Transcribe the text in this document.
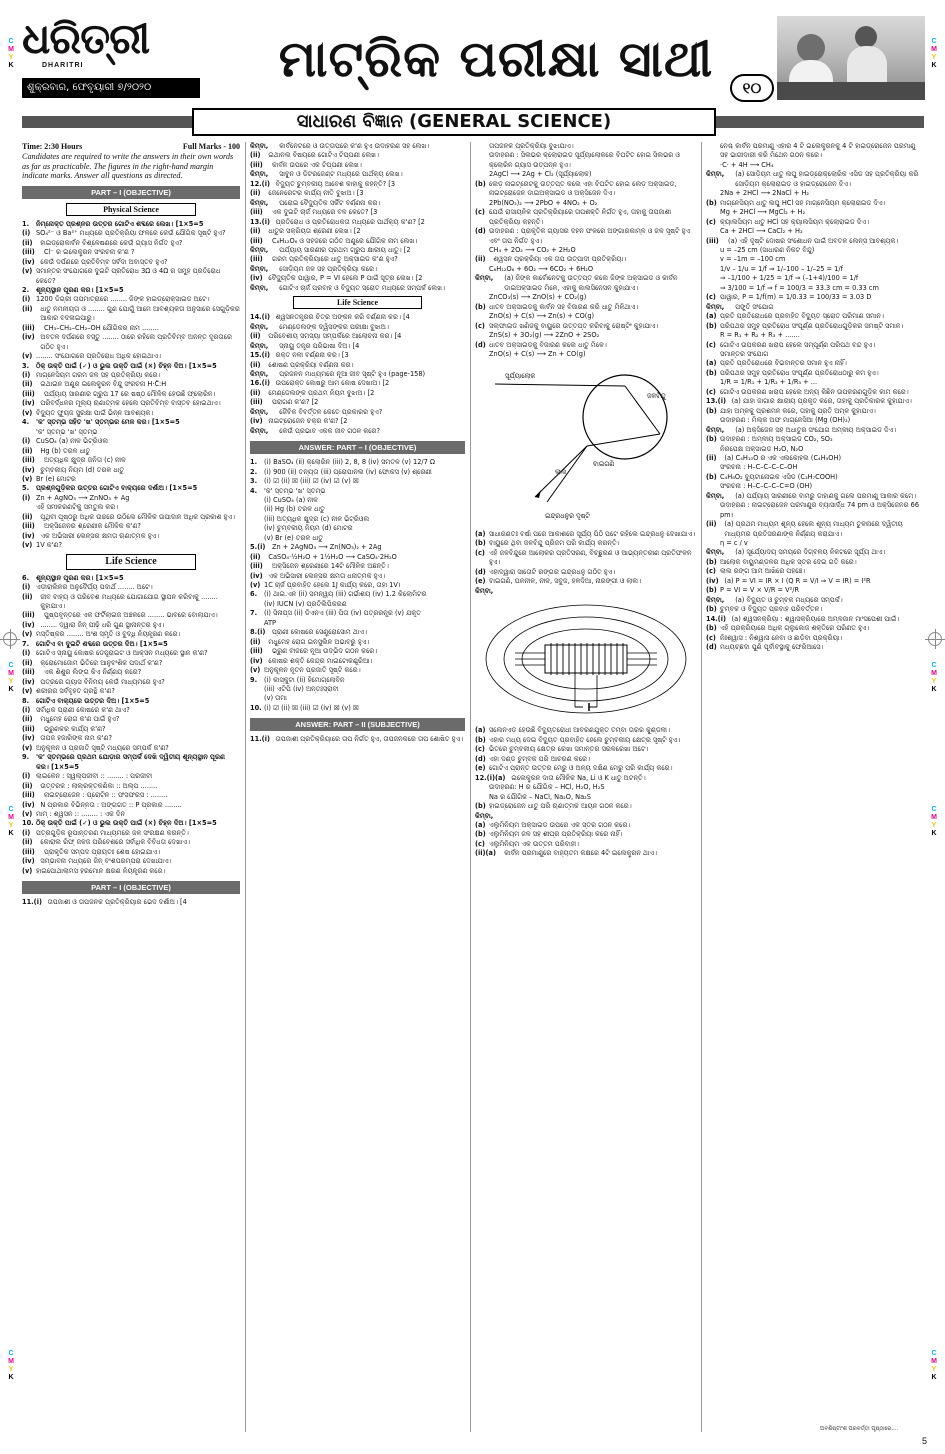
C
M
Y
K
C
M
Y
K
C
M
Y
K
C
M
Y
K
C
M
Y
K
C
M
Y
K
C
M
Y
K
C
M
Y
K
ଧରିତ୍ରୀ
DHARITRI
ଶୁକ୍ରବାର, ଫେବୃୟାରୀ ୭/୨୦୨୦	ମାଟ୍ରିକ ପରୀକ୍ଷା ସାଥୀ	୧୦
ସାଧାରଣ ବିଜ୍ଞାନ (GENERAL SCIENCE)
Time: 2:30 Hours	Full Marks - 100
Candidates are required to write the answers in their own words as far as practicable. The figures in the right-hand margin indicate marks. Answer all questions as directed.
PART – I (OBJECTIVE)
Physical Science
1. ନିମ୍ନୋକ୍ତ ପ୍ରଶ୍ନର ଉତ୍ତର ଗୋଟିଏ ଶବ୍ଦରେ ଲେଖ। [1×5=5
(i) SO₄²⁻ ଓ Ba²⁺ ମଧ୍ୟରେ ପ୍ରତିକ୍ରିୟା ଫଳରେ କେଉଁ ଯୌଗିକ ସୃଷ୍ଟି ହୁଏ?
(ii) ହାଇଡ୍ରୋକାର୍ବନ ବିଶ୍ଳେଷଣରେ କେଉଁ ଗ୍ୟାସ ନିର୍ଗତ ହୁଏ?
(iii) Cl⁻ ର ଇଲେକ୍ଟ୍ରନ ସଂରଚନା କ'ଣ ?
(iv) କେଉଁ ଦର୍ପଣରେ ପ୍ରତିବିମ୍ବ ସର୍ବଦା ଅବାସ୍ତବ ହୁଏ?
(v) ସମାନ୍ତର ସଂଯୋଗରେ ଦୁଇଟି ପ୍ରତିରୋଧ 3Ω ଓ 4Ω ର ସମୁହ ପ୍ରତିରୋଧ କେତେ?
2. ଶୂନ୍ୟସ୍ଥାନ ପୂରଣ କର। [1×5=5
(i) 1200 ଡିଗ୍ରୀ ତାପମାତ୍ରାରେ ........ ଜିଙ୍କ ହାଇଡ୍ରୋକ୍ସାଇଡ ଅଟେ।
(ii) ଧାତୁ ନମନୀୟତା ଓ ........ ଗୁଣ ଯୋଗୁଁ ଆମେ ଆବଶ୍ୟକତା ଅନୁସାରେ ସେଗୁଡ଼ିକର ଆକାର ବଦଳାଇପାରୁ।
(iii) CH₃–CH₂–CH₂–OH ଯୌଗିକର ନାମ ........
(iv) ଅବତଳ ଦର୍ପଣରେ ବସ୍ତୁ ........ ଠାରେ ରହିଲେ ପ୍ରତିବିମ୍ବ ଅନନ୍ତ ଦୂରତାରେ ଗଠିତ ହୁଏ।
(v) ........ ସଂଯୋଗରେ ପ୍ରତିରୋଧ ଅଧିକ ହୋଇଥାଏ।
3. ଠିକ୍ ଉକ୍ତି ପାଇଁ (✓) ଓ ଭୁଲ ଉକ୍ତି ପାଇଁ (×) ଚିହ୍ନ ଦିଅ। [1×5=5
(i) ମାଗ୍ନେସିୟମ ଗରମ ଜଳ ସହ ପ୍ରତିକ୍ରିୟା କରେ।
(ii) ଇଥାଇନ ଅଣୁର ଇଲେକ୍ଟ୍ରନ ବିନ୍ଦୁ ସଂରଚନା H·C̈:H
(iii) ପର୍ଯ୍ୟାୟ ସାରଣୀର ଗ୍ରୁପ 17 ରେ ଷଷ୍ଠ ମୌଳିକ ହେଉଛି ଫ୍ଲୋରିନ।
(iv) ପରିବର୍ଦ୍ଧନର ମୂଲ୍ୟ ଋଣାତ୍ମକ ହେଲେ ପ୍ରତିବିମ୍ବ ବାସ୍ତବ ହୋଇଥାଏ।
(v) ବିଦ୍ୟୁତ ଫ୍ୟୁଜ ସୁରକ୍ଷା ପାଇଁ ଭିନ୍ନ ଆବଶ୍ୟକ।
4. 'କ' ସ୍ତମ୍ଭ ସହିତ 'ଖ' ସ୍ତମ୍ଭର ମେଳ କର। [1×5=5
'କ' ସ୍ତମ୍ଭ 'ଖ' ସ୍ତମ୍ଭ
(i) CuSO₄ (a) ନୀଳ ଭିଟ୍ରିଓଲ
(ii) Hg (b) ତରଳ ଧାତୁ
(iii) ଅତ୍ୟଧିକ କ୍ଷୁଦ୍ର ଜନିତା (c) ନୀଳ
(iv) ଚୁମ୍ବକୀୟ ନିୟମ (d) ତରଳ ଧାତୁ
(v) Br (e) ମୋଟର
5. ପ୍ରଶ୍ନଗୁଡ଼ିକର ଉତ୍ତର ଗୋଟିଏ ବାକ୍ୟରେ ଦର୍ଶାଅ। [1×5=5
(i) Zn + AgNO₃ ⟶ ZnNO₃ + Ag
ଏହି ସମୀକରଣଟିକୁ ସମତୁଲ କର।
(ii) ପୃଥିବୀ ପୃଷ୍ଠରୁ ଅଧିକ ଉଚ୍ଚରେ ଉଠିଲେ ମୌଳିକ ଉପାଦାନ ଅଧିକ ପ୍ରକାଶ ହୁଏ।
(iii) ଅକ୍ସିଜେନର ଶ୍ରେଣୀକ ମୌଳିକ କ'ଣ?
(iv) ଏକ ଅଭିସାରୀ ଲେନ୍ସର କ୍ଷମତା ଋଣାତ୍ମକ ହୁଏ।
(v) 1V କ'ଣ?
Life Science
6. ଶୂନ୍ୟସ୍ଥାନ ପୂରଣ କର। [1×5=5
(i) ଏଡ଼ୀରାଲିନର ଅନୁଦୈର୍ଘ୍ୟ ପଦାର୍ଥ ........ ଅଟେ।
(ii) ଜୀବ ବାହ୍ୟ ଓ ପରିବେଶ ମଧ୍ୟରେ ଯୋଗାଯୋଗ ସ୍ଥାପନ କରିବାକୁ ........ କୁହାଯାଏ।
(iii) ପୁଷ୍ପବୃନ୍ତରେ ଏକ ଫର୍ଟିଲାଇଜ ଅଞ୍ଚଳରେ ........ ଭାବରେ ବୋଲାଯାଏ।
(iv) ........ ଦ୍ୱାରା ଜିନ୍ ପୀଢ଼ି ଧରି ଗୁଣ ସ୍ଥାନାନ୍ତର ହୁଏ।
(v) ମସ୍ତିଷ୍କର ........ ଅଂଶ ସ୍ମୃତି ଓ ବୁଦ୍ଧି ନିୟନ୍ତ୍ରଣ କରେ।
7. ଗୋଟିଏ ବା ଦୁଇଟି ଶବ୍ଦରେ ଉତ୍ତର ଦିଅ। [1×5=5
(i) ଗୋଟିଏ ସ୍ନାୟୁ କୋଷର ଡେନ୍ଡ୍ରାଇଟ ଓ ଆକ୍ସନ ମଧ୍ୟରେ ସ୍ଥାନ କ'ଣ?
(ii) କ୍ରୋମୋଜୋମ ଭିତିରେ ଆନୁବଂଶିକ ପଦାର୍ଥ କ'ଣ?
(iii) ଏକ ଶିଶୁର ଲିଙ୍ଗ କିଏ ନିର୍ଣ୍ଣୟ କରେ?
(iv) ପତ୍ରରେ ଗ୍ୟାସ ବିନିମୟ କେଉଁ ମାଧ୍ୟମରେ ହୁଏ?
(v) ଶରୀରର ସର୍ବବୃହତ ଗ୍ରନ୍ଥି କ'ଣ?
8. ଗୋଟିଏ ବାକ୍ୟରେ ଉତ୍ତର ଦିଅ। [1×5=5
(i) ସର୍ବାଧିକ ପ୍ରାଣୀ କୋଷରେ କ'ଣ ଥାଏ?
(ii) ମଧୁମେହ ରୋଗ କ'ଣ ପାଇଁ ହୁଏ?
(iii) ଭ୍ରୁଣକର କାର୍ଯ୍ୟ କ'ଣ?
(iv) ତାପଜ ହଜାରିଙ୍କ ନାମ କ'ଣ?
(v) ଅନୁକୂଳନ ଓ ପ୍ରଜାତି ସୃଷ୍ଟି ମଧ୍ୟରେ ସମ୍ପର୍କ କ'ଣ?
9. 'କ' ସ୍ତମ୍ଭରେ ପ୍ରଥମ ଯୋଡ଼ାର ସମ୍ପର୍କ ଦେଖି ଦ୍ୱିତୀୟ ଶୂନ୍ୟସ୍ଥାନ ପୂରଣ କର। [1×5=5
(i) ଲାଇକେନ : ସ୍ୱଲ୍ପଜୀବୀ :: ........ : ପରଜୀବୀ
(ii) ଉତ୍ତରକ : ଲାଲ୍‌ରକ୍ତକଣିକା :: ଅଲ୍ପ ........
(iii) ନାଇଟ୍ରୋଜେନ : ପ୍ରୋଟିନ :: ଫସଫରସ : ........
(iv) N ପ୍ରକାର ବିଭିନ୍ନତା : ଅଙ୍ଗଗତ :: P ପ୍ରକାର ........
(v) ମାମ୍‌ : ଶ୍ୱସନ :: ........ : ଏକ ଦିନ
10. ଠିକ୍ ଉକ୍ତି ପାଇଁ (✓) ଓ ଭୁଲ ଉକ୍ତି ପାଇଁ (×) ଚିହ୍ନ ଦିଅ। [1×5=5
(i) ପତ୍ରଗୁଡ଼ିକ ରୂପାନ୍ତରଣ ମାଧ୍ୟମରେ ଜଳ ସଂରକ୍ଷଣ କରନ୍ତି।
(ii) କୋରାଲ ରିଫ୍ ଜଳଜ ପରିବେଶରେ ସର୍ବାଧିକ ବିବିଧତା ଦେଖାଏ।
(iii) ପ୍ରାକୃତିକ ସମ୍ପଦ ପ୍ରାୟତଃ ଶେଷ ହୋଇଯାଏ।
(iv) ସମ୍ଭାବନା ମଧ୍ୟରେ ଜିନ୍ ବଂଶପରମ୍ପରା ଦେଖାଯାଏ।
(v) ହାଇପୋଥାଲାମସ ହରମୋନ କ୍ଷରଣ ନିୟନ୍ତ୍ରଣ କରେ।
PART – I (OBJECTIVE)
11.(i) ତାପଜାଶୀ ଓ ତାପଜନକ ପ୍ରତିକ୍ରିୟାର ଭେଦ ଦର୍ଶାଅ। [4
କିମ୍ବା, କାର୍ବନେଟରେ ଓ ଉତ୍ତାପରେ କ'ଣ ହୁଏ ଉଦାହରଣ ସହ ଲେଖ।
(ii) ଇଥାନଲ ବିଷୟରେ ଗୋଟିଏ ଟିପ୍ପଣୀ ଲେଖ।
(iii) କାର୍ବନ ଉପରେ ଏକ ଟିପ୍ପଣୀ ଲେଖ।
କିମ୍ବା, ସାବୁନ ଓ ଡିଟରଜେଣ୍ଟ ମଧ୍ୟରେ ପାର୍ଥକ୍ୟ ଲେଖ।
12.(i) ବିଦ୍ୟୁତ ଚୁମ୍ବକୀୟ ଆବେଶ କାହାକୁ କହନ୍ତି? [3
(ii) ଜେନେରେଟର କାର୍ଯ୍ୟ ନୀତି ବୁଝାଅ। [3
କିମ୍ବା, ଘରୋଇ ବୈଦ୍ୟୁତିକ ସର୍କିଟ ବର୍ଣ୍ଣନା କର।
(iii) ଏକ ଦୁଇଟି ଚାର୍ଜ ମଧ୍ୟରେ ବଳ କେତେ? [3
13.(i) ପ୍ରତିରୋଧ ଓ ପ୍ରତିରୋଧକତା ମଧ୍ୟରେ ପାର୍ଥକ୍ୟ କ'ଣ? [2
(ii) ଧାତୁର ସକ୍ରିୟତା ଶ୍ରେଣୀ ଲେଖ। [2
(iii) C₆H₁₂O₆ ଓ ସହଜରେ ଗଠିତ ଅଣୁରେ ଯୌଗିକ ନାମ ଲେଖ।
କିମ୍ବା, ପର୍ଯ୍ୟାୟ ସାରଣୀର ପ୍ରଥମ ଗ୍ରୁପ କ୍ଷାରୀୟ ଧାତୁ। [2
(iii) ଗରମ ପ୍ରତିକ୍ରିୟାରେ ଧାତୁ ଅକ୍ସାଇଡ କ'ଣ ହୁଏ?
କିମ୍ବା, ସୋଡ଼ିୟମ ଜଳ ସହ ପ୍ରତିକ୍ରିୟା କରେ।
(iv) ବୈଦ୍ୟୁତିକ ପାୱାର, P = VI ହେଲେ P ପାଇଁ ସୂତ୍ର ଲେଖ। [2
କିମ୍ବା, ଗୋଟିଏ ଚାର୍ଜ ପ୍ରବାହ ଓ ବିଦ୍ୟୁତ ସ୍ରୋତ ମଧ୍ୟରେ ସମ୍ପର୍କ ଲେଖ।
Life Science
14.(i) ଶ୍ୱସନତନ୍ତ୍ରର ଚିତ୍ର ଅଙ୍କନ କରି ବର୍ଣ୍ଣନା କର। [4
କିମ୍ବା, ମେଣ୍ଡେଲଙ୍କ ଦ୍ୱିସଙ୍କର ପରୀକ୍ଷା ବୁଝାଅ।
(ii) ପରିବେଶୀୟ ସମସ୍ୟା ସମ୍ପର୍କରେ ଆଲୋଚନା କର। [4
କିମ୍ବା, ସ୍ନାୟୁ ତନ୍ତ୍ର ପରିଭାଷା ଦିଅ। [4
15.(i) ରକ୍ତ ନଳୀ ବର୍ଣ୍ଣନା କର। [3
(ii) ଶୋଷଣ ପ୍ରକ୍ରିୟା ବର୍ଣ୍ଣନା କର।
କିମ୍ବା, ପ୍ରଜନନ ମାଧ୍ୟମରେ ନୂଆ ଜୀବ ସୃଷ୍ଟି ହୁଏ (page-158)
16.(i) ଉପରୋକ୍ତ କୋଷରୁ ଆମ କୋଷ ଦେଖାଅ। [2
(ii) ମେଣ୍ଡେଲଙ୍କ ପ୍ରଥମ ନିୟମ ବୁଝାଅ। [2
(iii) ପରାଗଣ କ'ଣ? [2
କିମ୍ବା, ଜୈବିକ ବିବର୍ତ୍ତନ କେତେ ପ୍ରକାରର ହୁଏ?
(iv) ନାଇଟ୍ରୋଜେନ ଚକ୍ର କ'ଣ? [2
କିମ୍ବା, କେଉଁ ପ୍ରଭାବ ଏକକ ଜୀବ ଗଠନ କରେ?
ANSWER: PART – I (OBJECTIVE)
1. (i) BaSO₄ (ii) କ୍ଲୋରିନ (iii) 2, 8, 8 (iv) ସମତଳ (v) 12/7 Ω
2. (i) 900 (ii) ତନ୍ୟତା (iii) ପ୍ରୋପାନଲ (iv) ଫୋକସ (v) ଶ୍ରେଣୀ
3. (i) ☑ (ii) ☒ (iii) ☑ (iv) ☑ (v) ☒
4. 'କ' ସ୍ତମ୍ଭ 'ଖ' ସ୍ତମ୍ଭ
(i) CuSO₄ (a) ନୀଳ
(ii) Hg (b) ତରଳ ଧାତୁ
(iii) ଅତ୍ୟଧିକ କ୍ଷୁଦ୍ର (c) ନୀଳ ଭିଟ୍ରିଓଲ
(iv) ଚୁମ୍ବକୀୟ ନିୟମ (d) ମୋଟର
(v) Br (e) ତରଳ ଧାତୁ
5.(i) Zn + 2AgNO₃ ⟶ Zn(NO₃)₂ + 2Ag
(ii) CaSO₄·½H₂O + 1½H₂O ⟶ CaSO₄·2H₂O
(iii) ଅକ୍ସିଜେନ ଶ୍ରେଣୀରେ 14ଟି ମୌଳିକ ଅଛନ୍ତି।
(iv) ଏକ ଅଭିସାରୀ ଲେନ୍ସର କ୍ଷମତା ଧନାତ୍ମକ ହୁଏ।
(v) 1C ଚାର୍ଜ ପ୍ରବାହିତ ହେଲେ 1J କାର୍ଯ୍ୟ କରେ, ତାହା 1V।
6. (i) ଥାଇ.ଏନ (ii) ସମନ୍ୱୟ (iii) ଗର୍ଭାଶୟ (iv) 1.2 କିଲୋମିଟର
(iv) IUCN (v) ପ୍ରତିଲିପିକରଣ
7. (i) ସିନାପ୍ସ (ii) ଡିଏନଏ (iii) ପିତା (iv) ପତ୍ରରନ୍ଧ୍ର (v) ଯକୃତ
ATP
8.(i) ପ୍ରାଣୀ କୋଷରେ ସେଣ୍ଟ୍ରୋସୋମ ଥାଏ।
(ii) ମଧୁମେହ ରୋଗ ଇନସୁଲିନ ଅଭାବରୁ ହୁଏ।
(iii) ଭ୍ରୁଣ ବୀଜରେ ନୂଆ ଉଦ୍ଭିଦ ଗଠନ କରେ।
(iv) କୋଷର ଶକ୍ତି କେନ୍ଦ୍ର ମାଇଟୋକଣ୍ଡ୍ରିଆ।
(v) ଅନୁକୂଳନ ନୂତନ ପ୍ରଜାତି ସୃଷ୍ଟି କରେ।
9. (i) କାସ୍କୁଟା (ii) ହିମୋଗ୍ଲୋବିନ
(iii) ଏଟିପି (iv) ଅନ୍ତଃସ୍ରାବୀ
(v) ତାମା
10. (i) ☑ (ii) ☒ (iii) ☑ (iv) ☒ (v) ☒
ANSWER: PART – II (SUBJECTIVE)
11.(i) ତାପଜାଶୀ ପ୍ରତିକ୍ରିୟାରେ ତାପ ନିର୍ଗତ ହୁଏ, ତାପଜନକରେ ତାପ ଶୋଷିତ ହୁଏ।
ତାପଜନକ ପ୍ରତିକ୍ରିୟା ବୁଝାଯାଏ।
ଉଦାହରଣ : ସିଲଭର କ୍ଲୋରାଇଡ ସୂର୍ଯ୍ୟାଲୋକରେ ବିଘଟିତ ହୋଇ ସିଲଭର ଓ କ୍ଲୋରିନ ଗ୍ୟାସ ଉତ୍ପନ୍ନ ହୁଏ।
2AgCl ⟶ 2Ag + Cl₂ (ସୂର୍ଯ୍ୟାଲୋକ)
(b) ଲେଡ଼ ନାଇଟ୍ରେଟକୁ ଉତ୍ତପ୍ତ କଲେ ଏହା ବିଘଟିତ ହୋଇ ଲେଡ଼ ଅକ୍ସାଇଡ, ନାଇଟ୍ରୋଜେନ ଡାଇଅକ୍ସାଇଡ ଓ ଅକ୍ସିଜେନ ଦିଏ।
2Pb(NO₃)₂ ⟶ 2PbO + 4NO₂ + O₂
(c) ଯେଉଁ ରାସାୟନିକ ପ୍ରତିକ୍ରିୟାରେ ତାପଶକ୍ତି ନିର୍ଗତ ହୁଏ, ତାହାକୁ ତାପଜାଶୀ ପ୍ରତିକ୍ରିୟା କହନ୍ତି।
(d) ଉଦାହରଣ : ପ୍ରାକୃତିକ ଗ୍ୟାସର ଦହନ ଫଳରେ ଅଙ୍ଗାରକାମ୍ଳ ଓ ଜଳ ସୃଷ୍ଟି ହୁଏ ଏବଂ ତାପ ନିର୍ଗତ ହୁଏ।
CH₄ + 2O₂ ⟶ CO₂ + 2H₂O
(ii) ଶ୍ୱସନ ପ୍ରକ୍ରିୟା ଏକ ତାପ ଉତ୍ପାଦୀ ପ୍ରତିକ୍ରିୟା।
C₆H₁₂O₆ + 6O₂ ⟶ 6CO₂ + 6H₂O
କିମ୍ବା, (a) ଜିଙ୍କ କାର୍ବୋନେଟକୁ ଉତ୍ତପ୍ତ କଲେ ଜିଙ୍କ ଅକ୍ସାଇଡ ଓ କାର୍ବନ ଡାଇଅକ୍ସାଇଡ ମିଳେ, ଏହାକୁ କାଲସିନେସନ କୁହାଯାଏ।
ZnCO₃(s) ⟶ ZnO(s) + CO₂(g)
(b) ଧାତବ ଅକ୍ସାଇଡକୁ କାର୍ବନ ସହ ବିଜାରଣ କରି ଧାତୁ ମିଳିଥାଏ।
ZnO(s) + C(s) ⟶ Zn(s) + CO(g)
(c) ସଲ୍ଫାଇଡ ଖଣିଜକୁ ବାୟୁରେ ଉତ୍ତପ୍ତ କରିବାକୁ ରୋଷ୍ଟିଂ କୁହାଯାଏ।
ZnS(s) + 3O₂(g) ⟶ 2ZnO + 2SO₂
(d) ଧାତବ ଅକ୍ସାଇଡକୁ ବିଜାରଣ କଲେ ଧାତୁ ମିଳେ।
ZnO(s) + C(s) ⟶ Zn + CO(g)
ସୂର୍ଯ୍ୟାଲୋକ
ଜଳବିନ୍ଦୁ
ବାଇଗଣି
ଲାଲ
ଇନ୍ଦ୍ରଧନୁର ଦୃଷ୍ଟି
(a) ସାଧାରଣତଃ ବର୍ଷା ପରେ ଆକାଶରେ ସୂର୍ଯ୍ୟ ପିଠି ପଟେ ରହିଲେ ଇନ୍ଦ୍ରଧନୁ ଦେଖାଯାଏ।
(b) ବାୟୁରେ ଥିବା ଜଳବିନ୍ଦୁ ପ୍ରିଜମ ପରି କାର୍ଯ୍ୟ କରନ୍ତି।
(c) ଏହି ଜଳବିନ୍ଦୁରେ ଆଲୋକର ପ୍ରତିସରଣ, ବିଚ୍ଛୁରଣ ଓ ଆଭ୍ୟନ୍ତରୀଣ ପ୍ରତିଫଳନ ହୁଏ।
(d) ଏହାଦ୍ୱାରା ସାତୋଟି ରଙ୍ଗର ଇନ୍ଦ୍ରଧନୁ ଗଠିତ ହୁଏ।
(e) ବାଇଗଣି, ଘନନୀଳ, ନୀଳ, ସବୁଜ, ହଳଦିଆ, ନାରଙ୍ଗୀ ଓ ଲାଲ।
କିମ୍ବା,
(a) ସଲେନଏଡ଼ ହେଉଛି ବିଦ୍ୟୁତରୋଧୀ ଆବରଣଯୁକ୍ତ ତମ୍ବା ତାରର କୁଣ୍ଡଳୀ।
(b) ଏହାର ମଧ୍ୟ ଦେଇ ବିଦ୍ୟୁତ ପ୍ରବାହିତ ହେଲେ ଚୁମ୍ବକୀୟ କ୍ଷେତ୍ର ସୃଷ୍ଟି ହୁଏ।
(c) ଭିତରେ ଚୁମ୍ବକୀୟ କ୍ଷେତ୍ର ରେଖା ସମାନ୍ତର ସରଳରେଖା ଅଟେ।
(d) ଏହା ଦଣ୍ଡ ଚୁମ୍ବକ ପରି ଆଚରଣ କରେ।
(e) ଗୋଟିଏ ପ୍ରାନ୍ତ ଉତ୍ତର ମେରୁ ଓ ଅନ୍ୟ ଦକ୍ଷିଣ ମେରୁ ପରି କାର୍ଯ୍ୟ କରେ।
12.(i)(a) ଇଲେକ୍ଟ୍ରନ ଦାତା ମୌଳିକ Na, Li ଓ K ଧାତୁ ଅଟନ୍ତି।
ଉଦାହରଣ: H ର ଯୌଗିକ – HCl, H₂O, H₂S
Na ର ଯୌଗିକ – NaCl, Na₂O, Na₂S
(b) ହାଇଡ୍ରୋଜେନ ଧାତୁ ପରି ଋଣାତ୍ମକ ଆୟନ ଗଠନ କରେ।
କିମ୍ବା,
(a) ଏଲୁମିନିୟମ ଅକ୍ସାଇଡ ଉପରେ ଏକ ସ୍ତର ଗଠନ କରେ।
(b) ଏଲୁମିନିୟମ ଜଳ ସହ ଶୀଘ୍ର ପ୍ରତିକ୍ରିୟା କରେ ନାହିଁ।
(c) ଏଲୁମିନିୟମ ଏକ ଉତ୍ତମ ପରିବାହୀ।
(ii)(a) କାର୍ବନ ପରମାଣୁରେ ବାହ୍ୟତମ କକ୍ଷରେ 4ଟି ଇଲେକ୍ଟ୍ରନ ଥାଏ।
ନେଶ୍ଚ କାର୍ବନ ପରମାଣୁ ଏହାର 4 ଟି ଇଲେକ୍ଟ୍ରନକୁ 4 ଟି ହାଇଡ୍ରୋଜେନ ପରମାଣୁ ସହ ଭାଗୀଦାରୀ କରି ମିଥେନ ଗଠନ କରେ।
·C· + 4H ⟶ CH₄
କିମ୍ବା, (a) ସୋଡ଼ିୟମ ଧାତୁ ଲଘୁ ହାଇଡ୍ରୋକ୍ଲୋରିକ ଏସିଡ ସହ ପ୍ରତିକ୍ରିୟା କରି ସୋଡ଼ିୟମ କ୍ଲୋରାଇଡ ଓ ହାଇଡ୍ରୋଜେନ ଦିଏ।
2Na + 2HCl ⟶ 2NaCl + H₂
(b) ମାଗ୍ନେସିୟମ ଧାତୁ ଲଘୁ HCl ସହ ମାଗ୍ନେସିୟମ କ୍ଲୋରାଇଡ ଦିଏ।
Mg + 2HCl ⟶ MgCl₂ + H₂
(c) କ୍ୟାଲସିୟମ ଧାତୁ HCl ସହ କ୍ୟାଲସିୟମ କ୍ଲୋରାଇଡ ଦିଏ।
Ca + 2HCl ⟶ CaCl₂ + H₂
(iii) (a) ଏହି ଦୃଷ୍ଟି ଦୋଷର ସଂଶୋଧନ ପାଇଁ ଅବତଳ ଲେନ୍ସ ଆବଶ୍ୟକ।
u = –25 cm (ସାଧାରଣ ନିକଟ ବିନ୍ଦୁ)
v = –1m = –100 cm
1/v – 1/u = 1/f ⇒ 1/–100 – 1/–25 = 1/f
⇒ –1/100 + 1/25 = 1/f ⇒ (–1+4)/100 = 1/f
⇒ 3/100 = 1/f ⇒ f = 100/3 = 33.3 cm = 0.33 cm
(c) ପାୱାର, P = 1/f(m) = 1/0.33 = 100/33 = 3.03 D
କିମ୍ବା, ପଙ୍କ୍ତି ସଂଯୋଗ
(a) ପ୍ରତି ପ୍ରତିରୋଧରେ ପ୍ରବାହିତ ବିଦ୍ୟୁତ ସ୍ରୋତ ପରିମାଣ ସମାନ।
(b) ପରିପଥର ସମୁହ ପ୍ରତିରୋଧ ସଂପୂର୍ଣ୍ଣ ପ୍ରତିରୋଧଗୁଡ଼ିକର ସମଷ୍ଟି ସମାନ।
R = R₁ + R₂ + R₃ + .......
(c) ଗୋଟିଏ ଉପକରଣ ଖରାପ ହେଲେ ସମ୍ପୂର୍ଣ୍ଣ ପରିପଥ ବନ୍ଦ ହୁଏ।
ସମାନ୍ତର ସଂଯୋଗ
(a) ପ୍ରତି ପ୍ରତିରୋଧରେ ବିଭବାନ୍ତର ସମାନ ହୁଏ ନାହିଁ।
(b) ପରିପଥର ସମୁହ ପ୍ରତିରୋଧ ସଂପୂର୍ଣ୍ଣ ପ୍ରତିରୋଧଠାରୁ କମ ହୁଏ।
1/R = 1/R₁ + 1/R₂ + 1/R₃ + ...
(c) ଗୋଟିଏ ଉପକରଣ ଖରାପ ହେଲେ ଅନ୍ୟ କିଛିନ ଉପକରଣଗୁଡ଼ିକ କାମ କରେ।
13.(i) (a) ଯାହା ଜାଗାର କ୍ଷାରୀୟ ପ୍ରକୃତ କରେ, ତାହାକୁ ପ୍ରତିକାରକ କୁହାଯାଏ।
(b) ଯାହା ଅମ୍ଳକୁ ପ୍ରଶମନ କରେ, ତାହାକୁ ପ୍ରତି ଅମ୍ଳ କୁହାଯାଏ।
ଉଦାହରଣ : ମିଲ୍କ ଅଫ ମାଗ୍ନେସିଆ (Mg (OH)₂)
କିମ୍ବା, (a) ଅକ୍ସିଜେନ ସହ ଅଧାତୁର ସଂଯୋଗ ଅମ୍ଳୀୟ ଅକ୍ସାଇଡ ଦିଏ।
(b) ଉଦାହରଣ : ଅମ୍ଳୀୟ ଅକ୍ସାଇଡ CO₂, SO₂
ନିରପେକ୍ଷ ଅକ୍ସାଇଡ H₂O, N₂O
(ii) (a) C₄H₁₀O ର ଏକ ଏଲକୋହଲ (C₄H₉OH)
ସଂରଚନା : H–C–C–C–C–OH
(b) C₄H₈O₂ ବ୍ୟୁଟାନୋଇକ ଏସିଡ (C₃H₇COOH)
ସଂରଚନା : H–C–C–C–C=O (OH)
କିମ୍ବା, (a) ପର୍ଯ୍ୟାୟ ସାରଣୀରେ ବାମରୁ ଡାହାଣକୁ ଗଲେ ପରମାଣୁ ଆକାର କମେ।
ଉଦାହରଣ : ନାଇଟ୍ରୋଜେନ ପରମାଣୁର ବ୍ୟାସାର୍ଦ୍ଧ 74 pm ଓ ଅକ୍ସିଜେନର 66 pm।
(ii) (a) ପ୍ରଥମ ମାଧ୍ୟମ ଶୂନ୍ୟ ହେଲେ ଶୂନ୍ୟ ମାଧ୍ୟମ ତୁଳନାରେ ଦ୍ୱିତୀୟ ମାଧ୍ୟମର ପ୍ରତିସରଣାଙ୍କ ନିର୍ଣ୍ଣୟ କରାଯାଏ।
η = c / v
କିମ୍ବା, (a) ସୂର୍ଯ୍ୟୋଦୟ ସମୟରେ ଦିଗ୍‌ବଳୟ ନିକଟରେ ସୂର୍ଯ୍ୟ ଥାଏ।
(b) ଆଲୋକ ବାୟୁମଣ୍ଡଳର ଅଧିକ ସ୍ତର ଦେଇ ଗତି କରେ।
(c) ଲାଲ ରଙ୍ଗ ଆମ ଆଖିରେ ପହଞ୍ଚେ।
(iv) (a) P = VI = IR × I (Q R = V/I ⇒ V = IR) = I²R
(b) P = VI = V × V/R = V²/R
କିମ୍ବା, (a) ବିଦ୍ୟୁତ ଓ ଚୁମ୍ବକ ମଧ୍ୟରେ ସମ୍ପର୍କ।
(b) ଚୁମ୍ବକ ଓ ବିଦ୍ୟୁତ ପ୍ରବାହ ପରିବର୍ତ୍ତନ।
14.(i) (a) ଶ୍ୱସନକ୍ରିୟା : ଶ୍ୱାସକ୍ରିୟାରେ ଅମ୍ଳଜାନ ମାଂସପେଶୀ ପାଇଁ।
(b) ଏହି ପ୍ରକ୍ରିୟାରେ ଅଧିକ ଗ୍ଲୁକୋଜ ଶକ୍ତିରେ ପରିଣତ ହୁଏ।
(c) ନିଃଶ୍ୱାସ : ନିଶ୍ୱାସ ନେବା ଓ ଛାଡ଼ିବା ପ୍ରକ୍ରିୟା।
(d) ମଧ୍ୟଚ୍ଛଦା ପୁଣି ପୂର୍ବାବସ୍ଥାକୁ ଫେରିଆସେ।
ଅବଶିଷ୍ଟାଂଶ ପରବର୍ତ୍ତୀ ପୃଷ୍ଠାରେ....
5
